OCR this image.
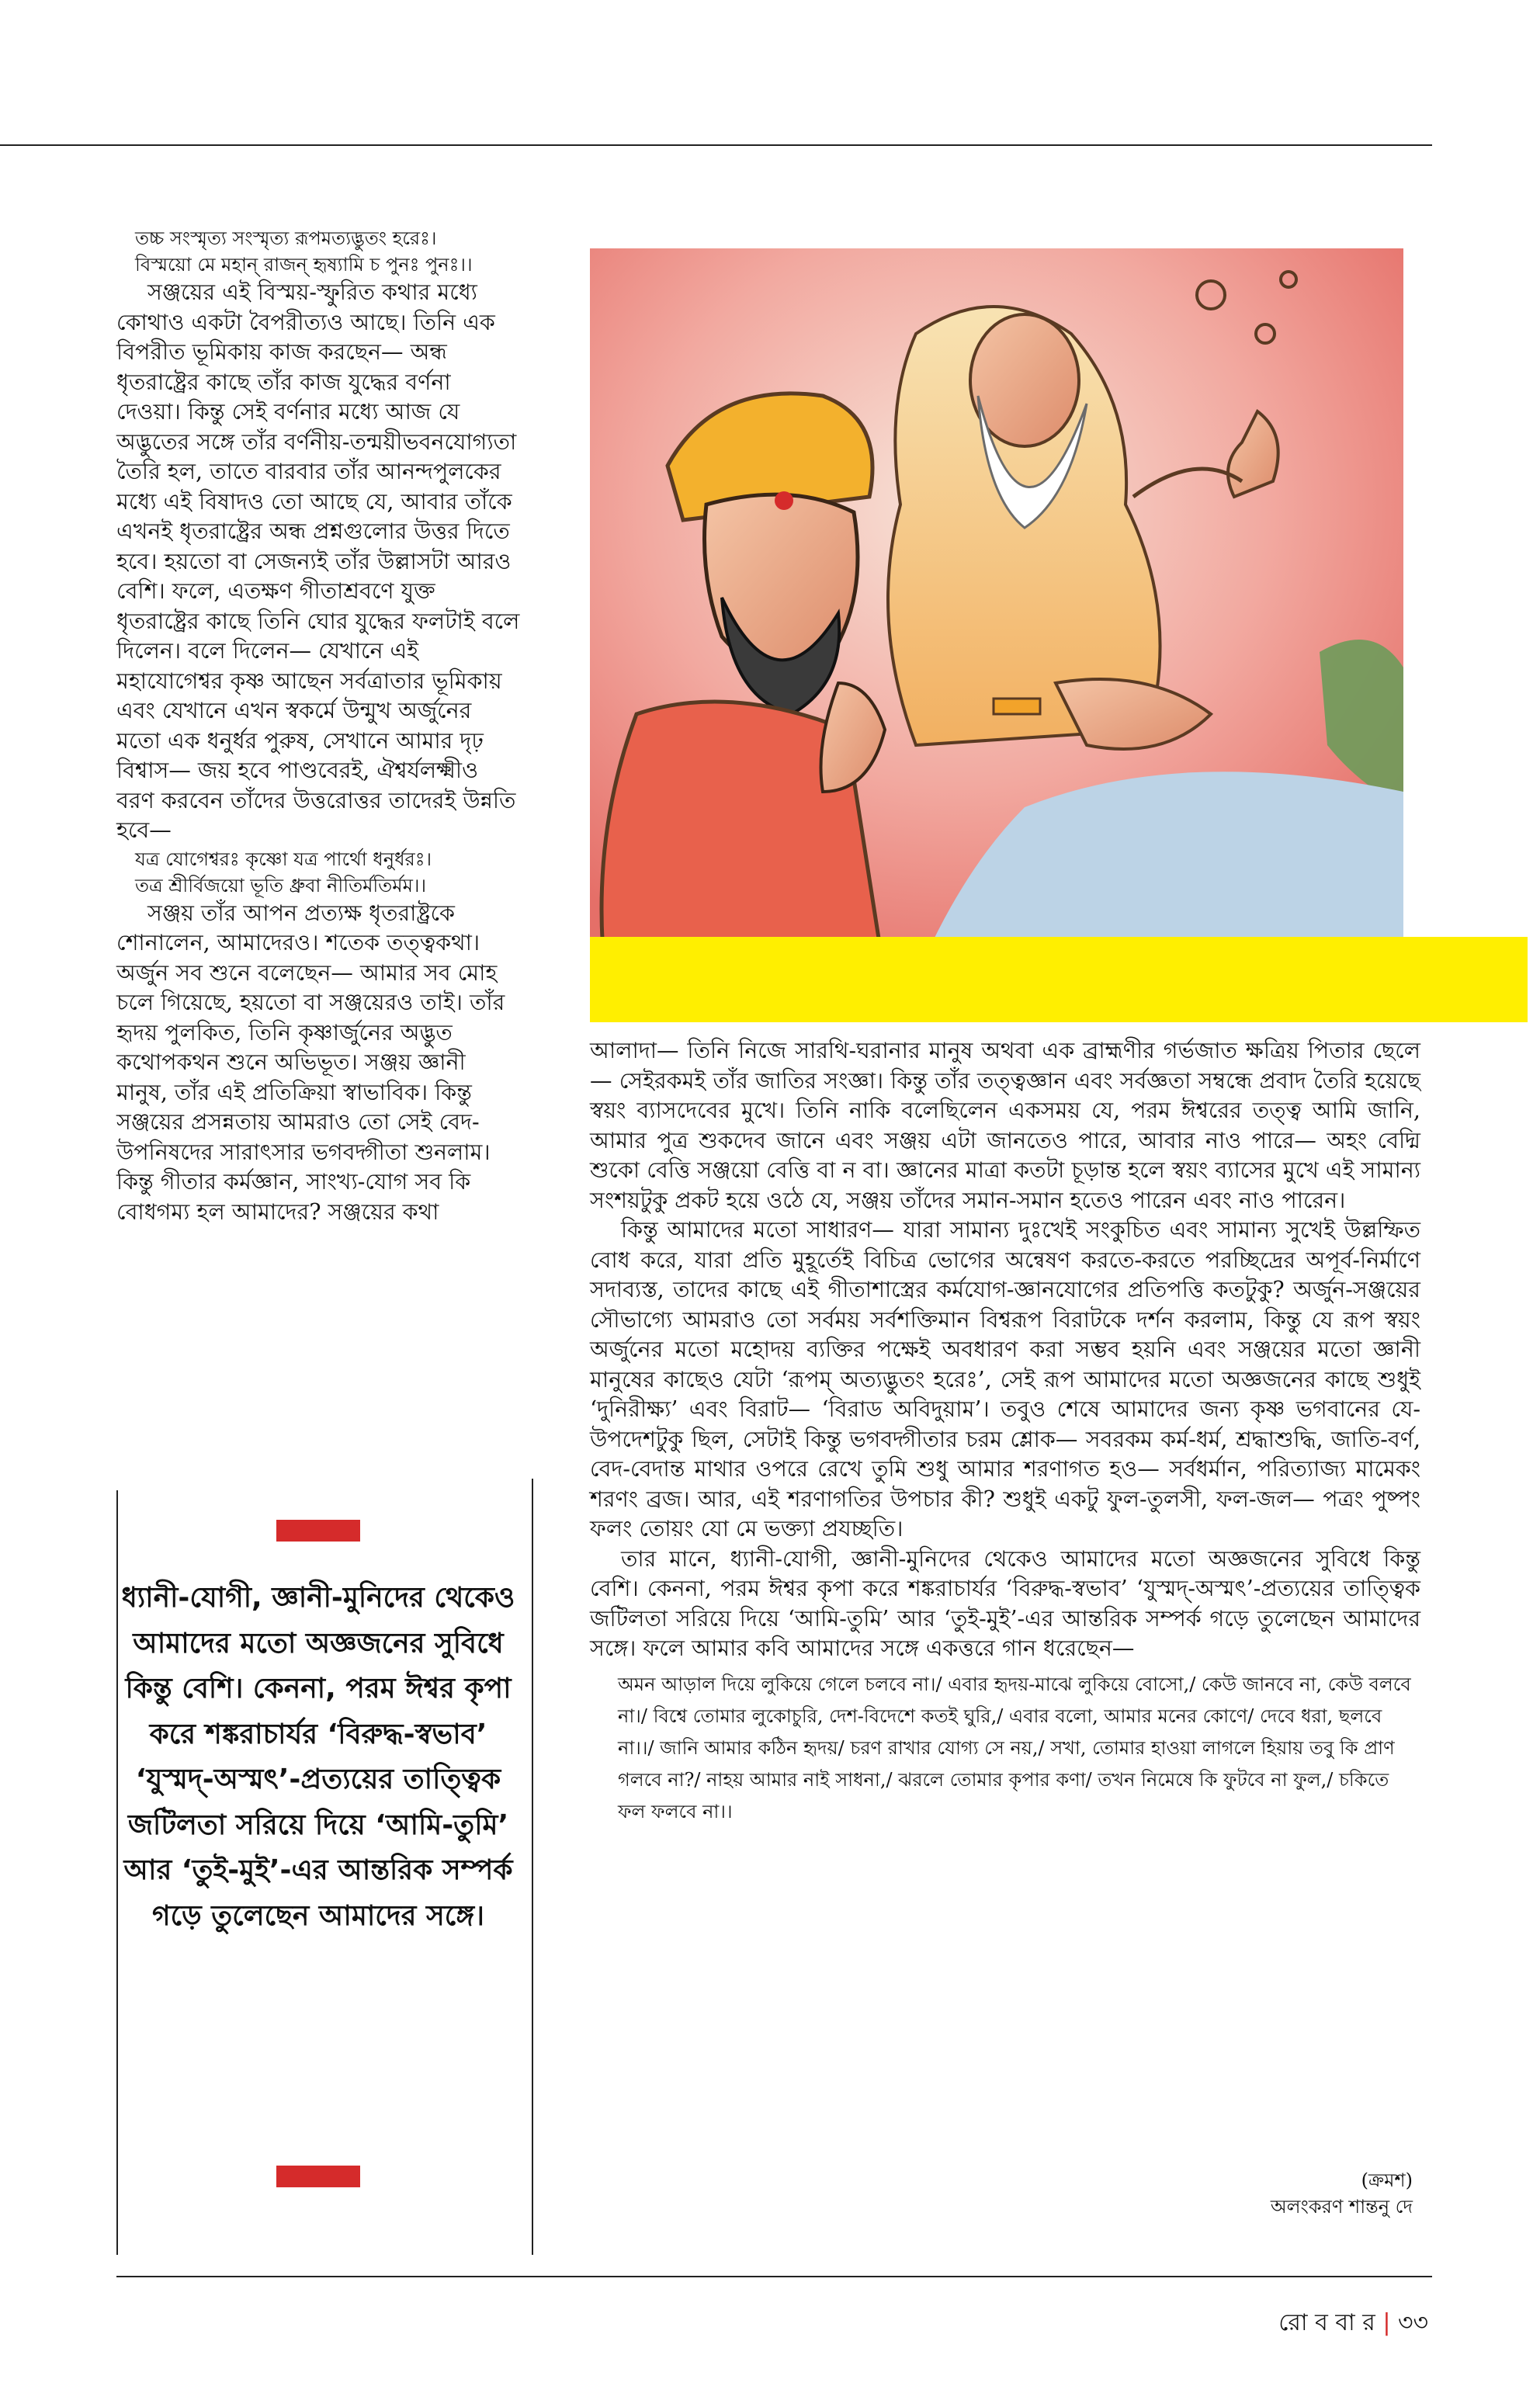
তচ্চ সংস্মৃত্য সংস্মৃত্য রূপমত্যদ্ভুতং হরেঃ।

বিস্ময়ো মে মহান্ রাজন্ হৃষ্যামি চ পুনঃ পুনঃ।।

সঞ্জয়ের এই বিস্ময়-স্ফুরিত কথার মধ্যে কোথাও একটা বৈপরীত্যও আছে। তিনি এক বিপরীত ভূমিকায় কাজ করছেন— অন্ধ ধৃতরাষ্ট্রের কাছে তাঁর কাজ যুদ্ধের বর্ণনা দেওয়া। কিন্তু সেই বর্ণনার মধ্যে আজ যে অদ্ভুতের সঙ্গে তাঁর বর্ণনীয়-তন্ময়ীভবনযোগ্যতা তৈরি হল, তাতে বারবার তাঁর আনন্দপুলকের মধ্যে এই বিষাদও তো আছে যে, আবার তাঁকে এখনই ধৃতরাষ্ট্রের অন্ধ প্রশ্নগুলোর উত্তর দিতে হবে। হয়তো বা সেজন্যই তাঁর উল্লাসটা আরও বেশি। ফলে, এতক্ষণ গীতাশ্রবণে যুক্ত ধৃতরাষ্ট্রের কাছে তিনি ঘোর যুদ্ধের ফলটাই বলে দিলেন। বলে দিলেন— যেখানে এই মহাযোগেশ্বর কৃষ্ণ আছেন সর্বত্রাতার ভূমিকায় এবং যেখানে এখন স্বকর্মে উন্মুখ অর্জুনের মতো এক ধনুর্ধর পুরুষ, সেখানে আমার দৃঢ় বিশ্বাস— জয় হবে পাণ্ডবেরই, ঐশ্বর্যলক্ষ্মীও বরণ করবেন তাঁদের উত্তরোত্তর তাদেরই উন্নতি হবে—

যত্র যোগেশ্বরঃ কৃষ্ণো যত্র পার্থো ধনুর্ধরঃ।

তত্র শ্রীর্বিজয়ো ভূতি ধ্রুবা নীতির্মতির্মম।।

সঞ্জয় তাঁর আপন প্রত্যক্ষ ধৃতরাষ্ট্রকে শোনালেন, আমাদেরও। শতেক তত্ত্বকথা। অর্জুন সব শুনে বলেছেন— আমার সব মোহ চলে গিয়েছে, হয়তো বা সঞ্জয়েরও তাই। তাঁর হৃদয় পুলকিত, তিনি কৃষ্ণার্জুনের অদ্ভুত কথোপকথন শুনে অভিভূত। সঞ্জয় জ্ঞানী মানুষ, তাঁর এই প্রতিক্রিয়া স্বাভাবিক। কিন্তু সঞ্জয়ের প্রসন্নতায় আমরাও তো সেই বেদ-উপনিষদের সারাৎসার ভগবদ্গীতা শুনলাম। কিন্তু গীতার কর্মজ্ঞান, সাংখ্য-যোগ সব কি বোধগম্য হল আমাদের? সঞ্জয়ের কথা

আলাদা— তিনি নিজে সারথি-ঘরানার মানুষ অথবা এক ব্রাহ্মণীর গর্ভজাত ক্ষত্রিয় পিতার ছেলে— সেইরকমই তাঁর জাতির সংজ্ঞা। কিন্তু তাঁর তত্ত্বজ্ঞান এবং সর্বজ্ঞতা সম্বন্ধে প্রবাদ তৈরি হয়েছে স্বয়ং ব্যাসদেবের মুখে। তিনি নাকি বলেছিলেন একসময় যে, পরম ঈশ্বরের তত্ত্ব আমি জানি, আমার পুত্র শুকদেব জানে এবং সঞ্জয় এটা জানতেও পারে, আবার নাও পারে— অহং বেদ্মি শুকো বেত্তি সঞ্জয়ো বেত্তি বা ন বা। জ্ঞানের মাত্রা কতটা চূড়ান্ত হলে স্বয়ং ব্যাসের মুখে এই সামান্য সংশয়টুকু প্রকট হয়ে ওঠে যে, সঞ্জয় তাঁদের সমান-সমান হতেও পারেন এবং নাও পারেন।

কিন্তু আমাদের মতো সাধারণ— যারা সামান্য দুঃখেই সংকুচিত এবং সামান্য সুখেই উল্লম্ফিত বোধ করে, যারা প্রতি মুহূর্তেই বিচিত্র ভোগের অন্বেষণ করতে-করতে পরচ্ছিদ্রের অপূর্ব-নির্মাণে সদাব্যস্ত, তাদের কাছে এই গীতাশাস্ত্রের কর্মযোগ-জ্ঞানযোগের প্রতিপত্তি কতটুকু? অর্জুন-সঞ্জয়ের সৌভাগ্যে আমরাও তো সর্বময় সর্বশক্তিমান বিশ্বরূপ বিরাটকে দর্শন করলাম, কিন্তু যে রূপ স্বয়ং অর্জুনের মতো মহোদয় ব্যক্তির পক্ষেই অবধারণ করা সম্ভব হয়নি এবং সঞ্জয়ের মতো জ্ঞানী মানুষের কাছেও যেটা ‘রূপম্ অত্যদ্ভুতং হরেঃ’, সেই রূপ আমাদের মতো অজ্ঞজনের কাছে শুধুই ‘দুনিরীক্ষ্য’ এবং বিরাট— ‘বিরাড অবিদুয়াম’। তবুও শেষে আমাদের জন্য কৃষ্ণ ভগবানের যে-উপদেশটুকু ছিল, সেটাই কিন্তু ভগবদ্গীতার চরম শ্লোক— সবরকম কর্ম-ধর্ম, শ্রদ্ধাশুদ্ধি, জাতি-বর্ণ, বেদ-বেদান্ত মাথার ওপরে রেখে তুমি শুধু আমার শরণাগত হও— সর্বধর্মান, পরিত্যাজ্য মামেকং শরণং ব্রজ। আর, এই শরণাগতির উপচার কী? শুধুই একটু ফুল-তুলসী, ফল-জল— পত্রং পুষ্পং ফলং তোয়ং যো মে ভক্ত্যা প্রযচ্ছতি।

তার মানে, ধ্যানী-যোগী, জ্ঞানী-মুনিদের থেকেও আমাদের মতো অজ্ঞজনের সুবিধে কিন্তু বেশি। কেননা, পরম ঈশ্বর কৃপা করে শঙ্করাচার্যর ‘বিরুদ্ধ-স্বভাব’ ‘যুস্মদ্-অস্মৎ’-প্রত্যয়ের তাত্ত্বিক জটিলতা সরিয়ে দিয়ে ‘আমি-তুমি’ আর ‘তুই-মুই’-এর আন্তরিক সম্পর্ক গড়ে তুলেছেন আমাদের সঙ্গে। ফলে আমার কবি আমাদের সঙ্গে একত্তরে গান ধরেছেন—

অমন আড়াল দিয়ে লুকিয়ে গেলে চলবে না।/ এবার হৃদয়-মাঝে লুকিয়ে বোসো,/ কেউ জানবে না, কেউ বলবে না।/ বিশ্বে তোমার লুকোচুরি, দেশ-বিদেশে কতই ঘুরি,/ এবার বলো, আমার মনের কোণে/ দেবে ধরা, ছলবে না।।/ জানি আমার কঠিন হৃদয়/ চরণ রাখার যোগ্য সে নয়,/ সখা, তোমার হাওয়া লাগলে হিয়ায় তবু কি প্রাণ গলবে না?/ নাহয় আমার নাই সাধনা,/ ঝরলে তোমার কৃপার কণা/ তখন নিমেষে কি ফুটবে না ফুল,/ চকিতে ফল ফলবে না।।

ধ্যানী-যোগী, জ্ঞানী-মুনিদের থেকেও আমাদের মতো অজ্ঞজনের সুবিধে কিন্তু বেশি। কেননা, পরম ঈশ্বর কৃপা করে শঙ্করাচার্যর ‘বিরুদ্ধ-স্বভাব’ ‘যুস্মদ্-অস্মৎ’-প্রত্যয়ের তাত্ত্বিক জটিলতা সরিয়ে দিয়ে ‘আমি-তুমি’ আর ‘তুই-মুই’-এর আন্তরিক সম্পর্ক গড়ে তুলেছেন আমাদের সঙ্গে।
(ক্রমশ)
অলংকরণ শান্তনু দে
রো ব বা র | ৩৩
